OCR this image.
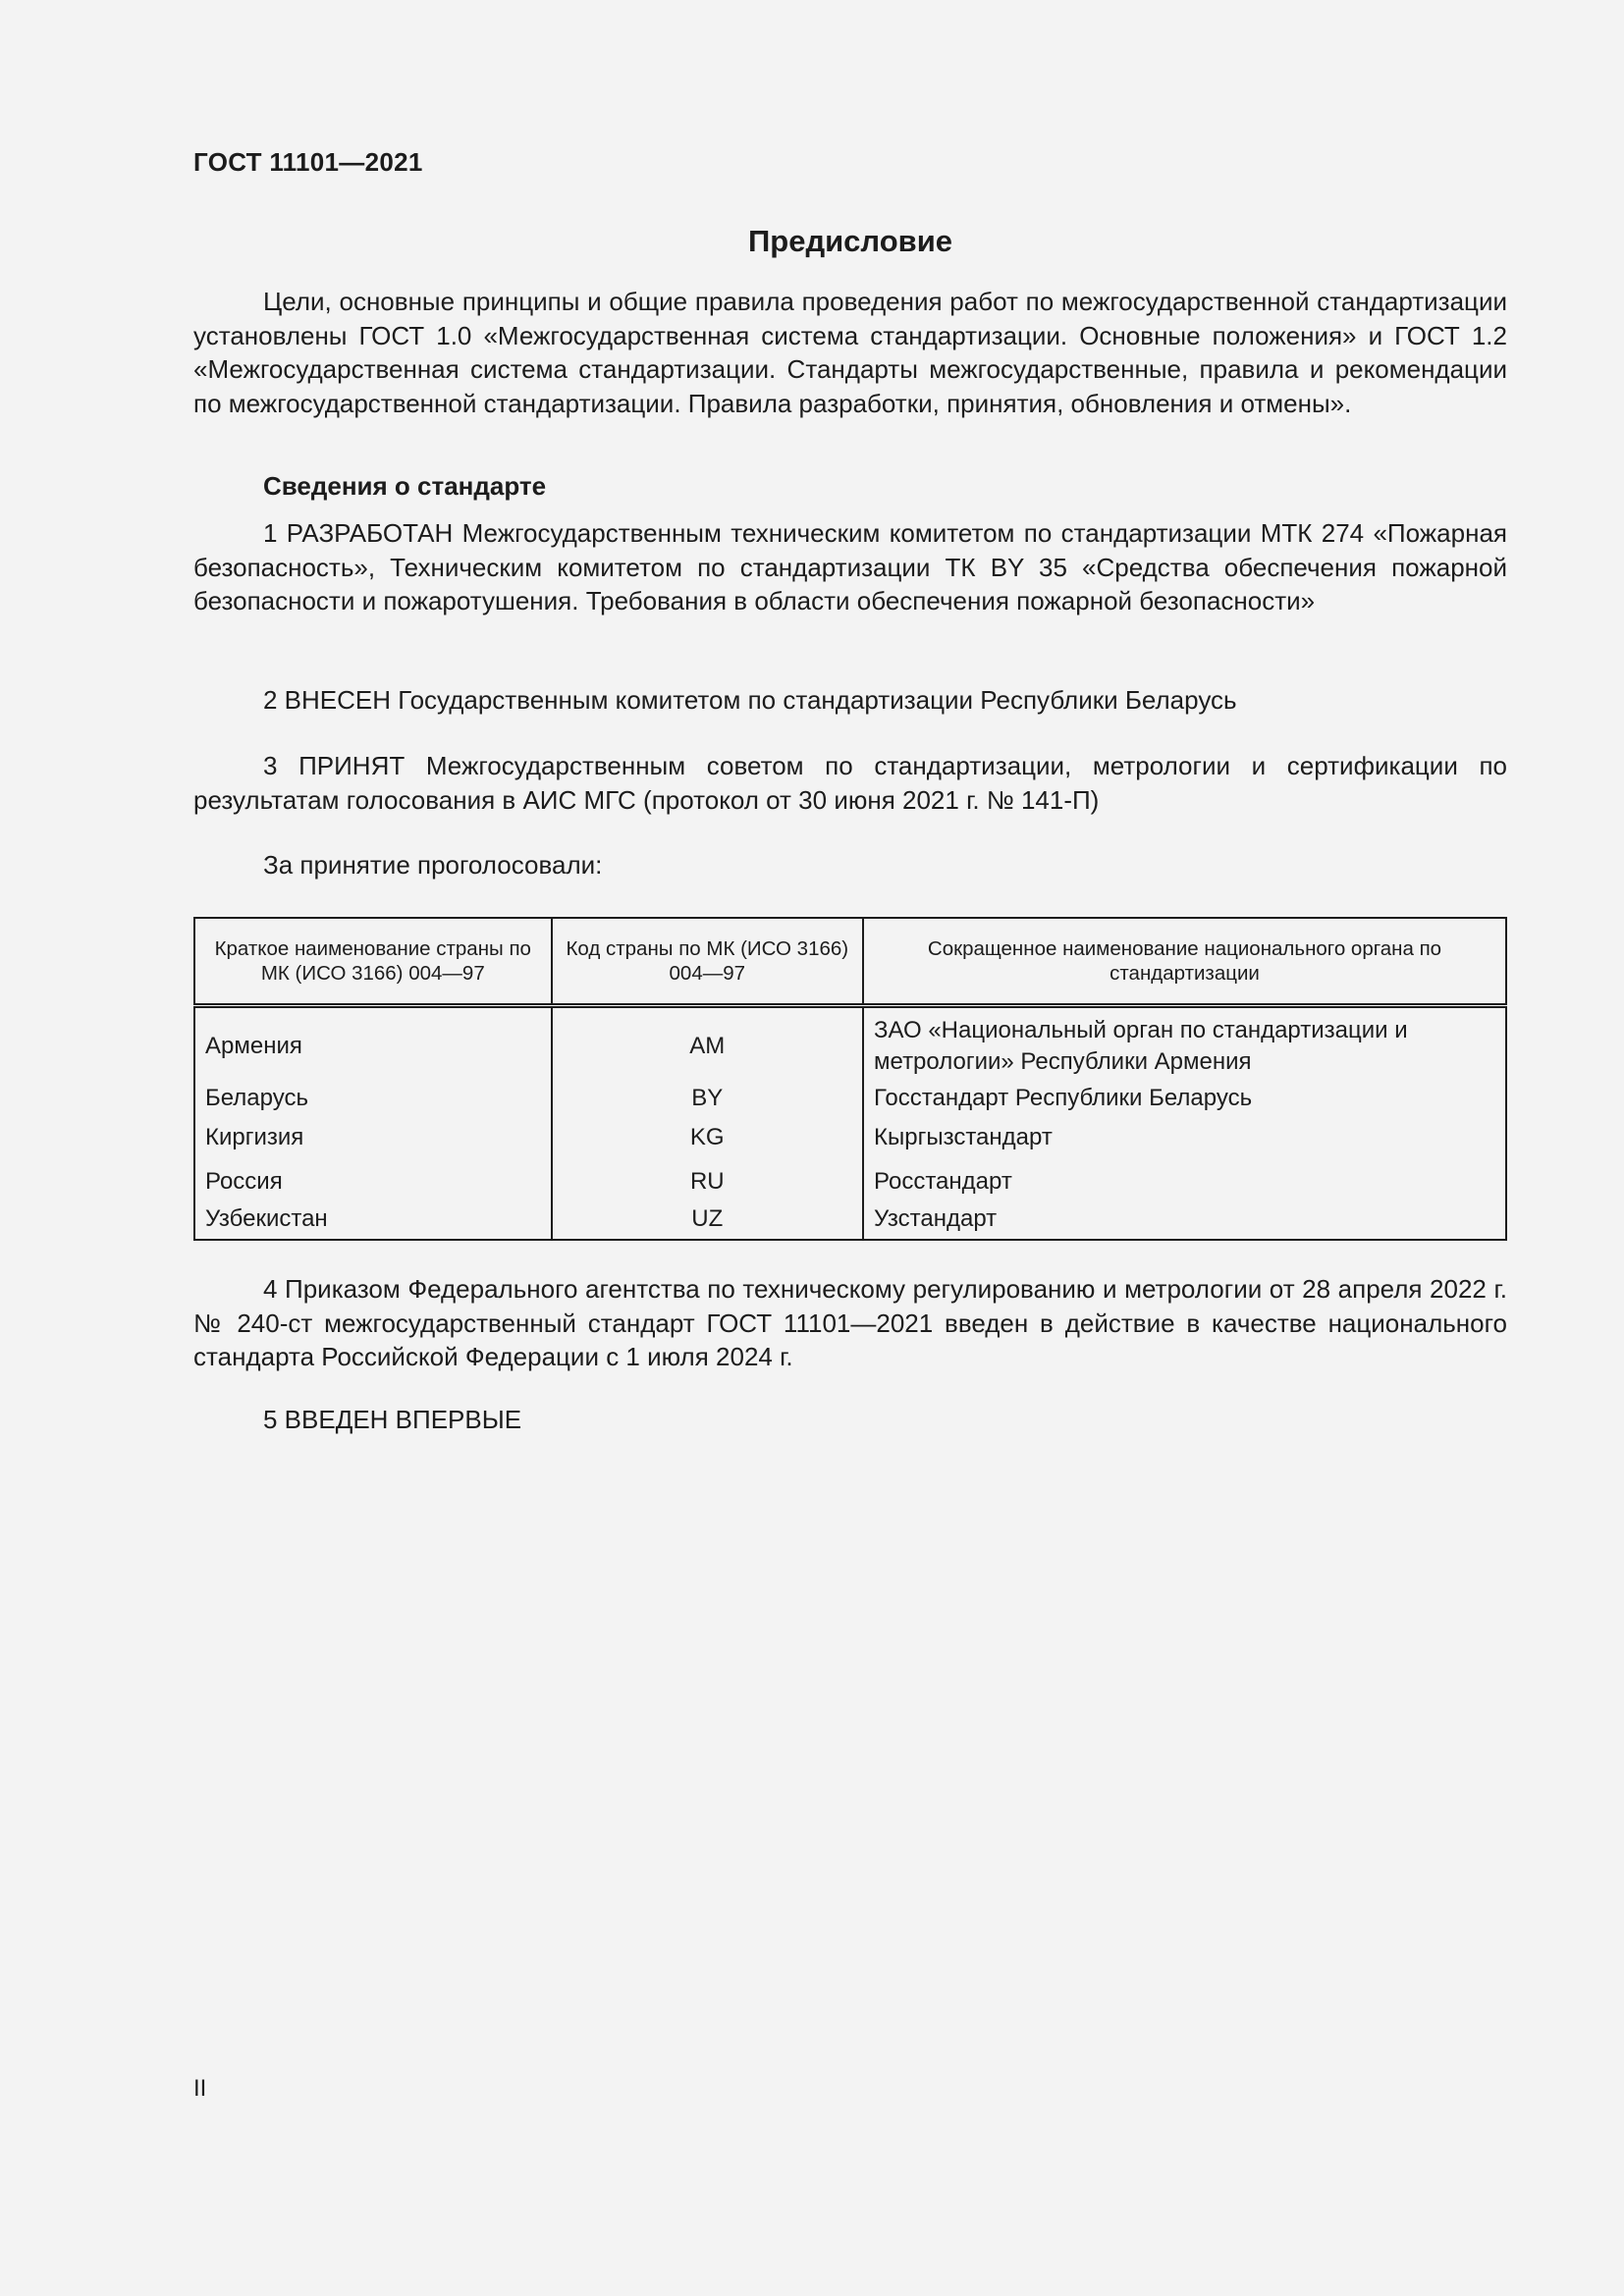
ГОСТ 11101—2021
Предисловие

Цели, основные принципы и общие правила проведения работ по межгосударственной стандартизации установлены ГОСТ 1.0 «Межгосударственная система стандартизации. Основные положения» и ГОСТ 1.2 «Межгосударственная система стандартизации. Стандарты межгосударственные, правила и рекомендации по межгосударственной стандартизации. Правила разработки, принятия, обновления и отмены».

Сведения о стандарте

1 РАЗРАБОТАН Межгосударственным техническим комитетом по стандартизации МТК 274 «Пожарная безопасность», Техническим комитетом по стандартизации ТК BY 35 «Средства обеспечения пожарной безопасности и пожаротушения. Требования в области обеспечения пожарной безопасности»

2 ВНЕСЕН Государственным комитетом по стандартизации Республики Беларусь

3 ПРИНЯТ Межгосударственным советом по стандартизации, метрологии и сертификации по результатам голосования в АИС МГС (протокол от 30 июня 2021 г. № 141-П)

За принятие проголосовали:

Краткое наименование страны по МК (ИСО 3166) 004—97	Код страны по МК (ИСО 3166) 004—97	Сокращенное наименование национального органа по стандартизации
Армения	AM	ЗАО «Национальный орган по стандартизации и метрологии» Республики Армения
Беларусь	BY	Госстандарт Республики Беларусь
Киргизия	KG	Кыргызстандарт
Россия	RU	Росстандарт
Узбекистан	UZ	Узстандарт

4 Приказом Федерального агентства по техническому регулированию и метрологии от 28 апреля 2022 г. № 240-ст межгосударственный стандарт ГОСТ 11101—2021 введен в действие в качестве национального стандарта Российской Федерации с 1 июля 2024 г.

5 ВВЕДЕН ВПЕРВЫЕ

II
